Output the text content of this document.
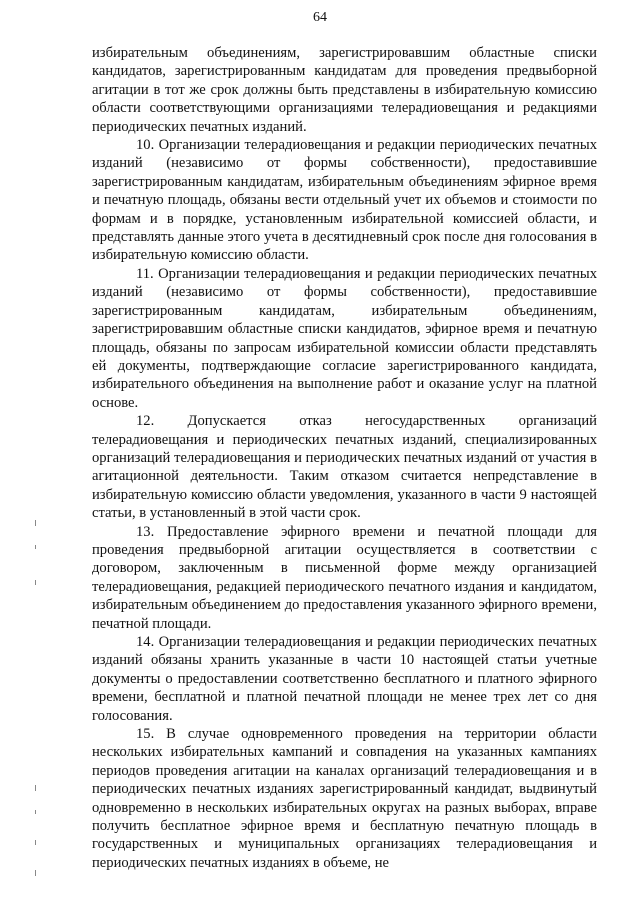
64

избирательным объединениям, зарегистрировавшим областные списки кандидатов, зарегистрированным кандидатам для проведения предвыборной агитации в тот же срок должны быть представлены в избирательную комиссию области соответствующими организациями телерадиовещания и редакциями периодических печатных изданий.

10. Организации телерадиовещания и редакции периодических печатных изданий (независимо от формы собственности), предоставившие зарегистрированным кандидатам, избирательным объединениям эфирное время и печатную площадь, обязаны вести отдельный учет их объемов и стоимости по формам и в порядке, установленным избирательной комиссией области, и представлять данные этого учета в десятидневный срок после дня голосования в избирательную комиссию области.

11. Организации телерадиовещания и редакции периодических печатных изданий (независимо от формы собственности), предоставившие зарегистрированным кандидатам, избирательным объединениям, зарегистрировавшим областные списки кандидатов, эфирное время и печатную площадь, обязаны по запросам избирательной комиссии области представлять ей документы, подтверждающие согласие зарегистрированного кандидата, избирательного объединения на выполнение работ и оказание услуг на платной основе.

12. Допускается отказ негосударственных организаций телерадиовещания и периодических печатных изданий, специализированных организаций телерадиовещания и периодических печатных изданий от участия в агитационной деятельности. Таким отказом считается непредставление в избирательную комиссию области уведомления, указанного в части 9 настоящей статьи, в установленный в этой части срок.

13. Предоставление эфирного времени и печатной площади для проведения предвыборной агитации осуществляется в соответствии с договором, заключенным в письменной форме между организацией телерадиовещания, редакцией периодического печатного издания и кандидатом, избирательным объединением до предоставления указанного эфирного времени, печатной площади.

14. Организации телерадиовещания и редакции периодических печатных изданий обязаны хранить указанные в части 10 настоящей статьи учетные документы о предоставлении соответственно бесплатного и платного эфирного времени, бесплатной и платной печатной площади не менее трех лет со дня голосования.

15. В случае одновременного проведения на территории области нескольких избирательных кампаний и совпадения на указанных кампаниях периодов проведения агитации на каналах организаций телерадиовещания и в периодических печатных изданиях зарегистрированный кандидат, выдвинутый одновременно в нескольких избирательных округах на разных выборах, вправе получить бесплатное эфирное время и бесплатную печатную площадь в государственных и муниципальных организациях телерадиовещания и периодических печатных изданиях в объеме, не
